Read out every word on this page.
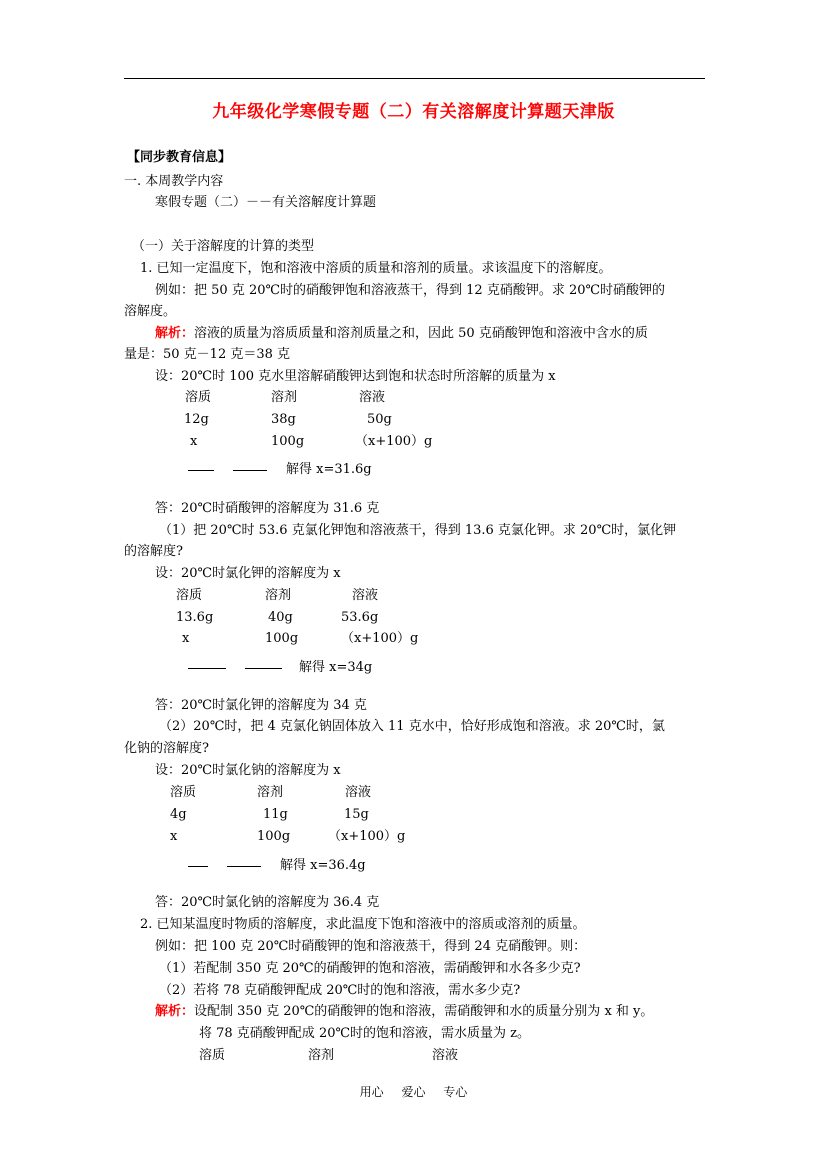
九年级化学寒假专题（二）有关溶解度计算题天津版
【同步教育信息】
一. 本周教学内容
寒假专题（二）－－有关溶解度计算题
（一）关于溶解度的计算的类型
1. 已知一定温度下，饱和溶液中溶质的质量和溶剂的质量。求该温度下的溶解度。
例如：把 50 克 20℃时的硝酸钾饱和溶液蒸干，得到 12 克硝酸钾。求 20℃时硝酸钾的
溶解度。
解析：溶液的质量为溶质质量和溶剂质量之和，因此 50 克硝酸钾饱和溶液中含水的质
量是：50 克－12 克＝38 克
设：20℃时 100 克水里溶解硝酸钾达到饱和状态时所溶解的质量为 x
溶质	溶剂	溶液
12g	38g	50g
x	100g	（x+100）g
解得 x=31.6g
答：20℃时硝酸钾的溶解度为 31.6 克
（1）把 20℃时 53.6 克氯化钾饱和溶液蒸干，得到 13.6 克氯化钾。求 20℃时，氯化钾
的溶解度?
设：20℃时氯化钾的溶解度为 x
溶质	溶剂	溶液
13.6g	40g	53.6g
x	100g	（x+100）g
解得 x=34g
答：20℃时氯化钾的溶解度为 34 克
（2）20℃时，把 4 克氯化钠固体放入 11 克水中，恰好形成饱和溶液。求 20℃时，氯
化钠的溶解度?
设：20℃时氯化钠的溶解度为 x
溶质	溶剂	溶液
4g	11g	15g
x	100g	（x+100）g
解得 x=36.4g
答：20℃时氯化钠的溶解度为 36.4 克
2. 已知某温度时物质的溶解度，求此温度下饱和溶液中的溶质或溶剂的质量。
例如：把 100 克 20℃时硝酸钾的饱和溶液蒸干，得到 24 克硝酸钾。则：
（1）若配制 350 克 20℃的硝酸钾的饱和溶液，需硝酸钾和水各多少克?
（2）若将 78 克硝酸钾配成 20℃时的饱和溶液，需水多少克?
解析：设配制 350 克 20℃的硝酸钾的饱和溶液，需硝酸钾和水的质量分别为 x 和 y。
将 78 克硝酸钾配成 20℃时的饱和溶液，需水质量为 z。
溶质	溶剂	溶液
用心 爱心 专心
